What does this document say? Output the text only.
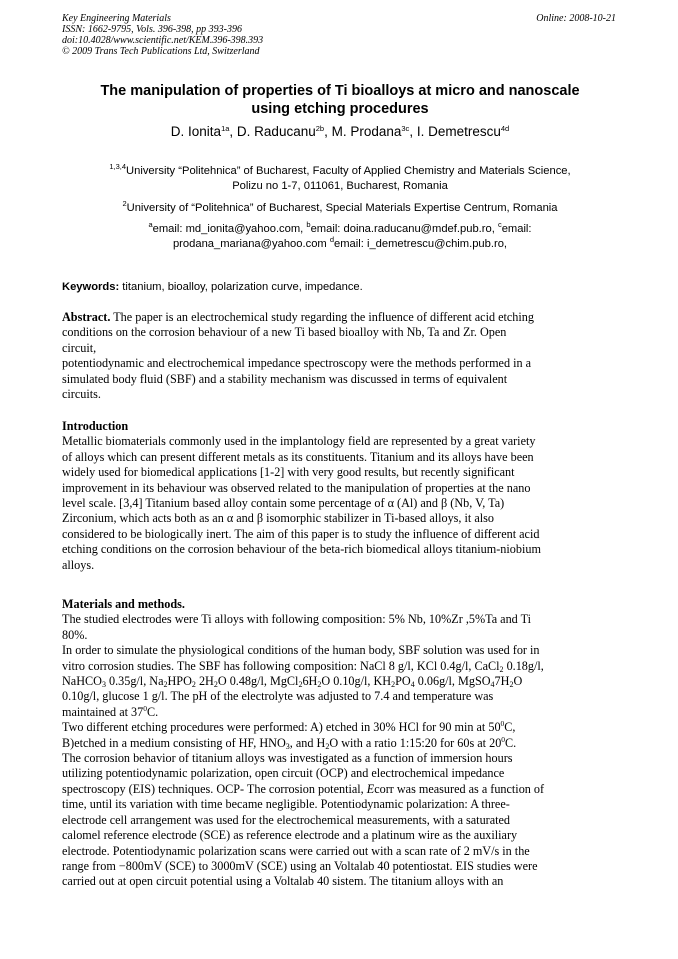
Key Engineering Materials
ISSN: 1662-9795, Vols. 396-398, pp 393-396
doi:10.4028/www.scientific.net/KEM.396-398.393
© 2009 Trans Tech Publications Ltd, Switzerland
Online: 2008-10-21
The manipulation of properties of Ti bioalloys at micro and nanoscale
using etching procedures
D. Ionita$^{1a}$, D. Raducanu$^{2b}$, M. Prodana$^{3c}$, I. Demetrescu$^{4d}$
$^{1,3,4}$University “Politehnica” of Bucharest, Faculty of Applied Chemistry and Materials Science,
Polizu no 1-7, 011061, Bucharest, Romania
$^2$University of “Politehnica” of Bucharest, Special Materials Expertise Centrum, Romania
$^a$email: md_ionita@yahoo.com, $^b$email: doina.raducanu@mdef.pub.ro, $^c$email:
prodana_mariana@yahoo.com $^d$email: i_demetrescu@chim.pub.ro,
Keywords: titanium, bioalloy, polarization curve, impedance.

Abstract. The paper is an electrochemical study regarding the influence of different acid etching

conditions on the corrosion behaviour of a new Ti based bioalloy with Nb, Ta and Zr. Open

circuit,

potentiodynamic and electrochemical impedance spectroscopy were the methods performed in a

simulated body fluid (SBF) and a stability mechanism was discussed in terms of equivalent

circuits.

Introduction

Metallic biomaterials commonly used in the implantology field are represented by a great variety

of alloys which can present different metals as its constituents. Titanium and its alloys have been

widely used for biomedical applications [1-2] with very good results, but recently significant

improvement in its behaviour was observed related to the manipulation of properties at the nano

level scale. [3,4] Titanium based alloy contain some percentage of α (Al) and β (Nb, V, Ta)

Zirconium, which acts both as an α and β isomorphic stabilizer in Ti-based alloys, it also

considered to be biologically inert. The aim of this paper is to study the influence of different acid

etching conditions on the corrosion behaviour of the beta-rich biomedical alloys titanium-niobium

alloys.

Materials and methods.

The studied electrodes were Ti alloys with following composition: 5% Nb, 10%Zr ,5%Ta and Ti

80%.

In order to simulate the physiological conditions of the human body, SBF solution was used for in

vitro corrosion studies. The SBF has following composition: NaCl 8 g/l, KCl 0.4g/l, CaCl$_2$ 0.18g/l,

NaHCO$_3$ 0.35g/l, $Na_2HPO_2$ $2H_2O$ 0.48g/l, $MgCl_26H_2O$ 0.10g/l, $KH_2PO_4$ 0.06g/l, $MgSO_47H_2O$

0.10g/l, glucose 1 g/l. The pH of the electrolyte was adjusted to 7.4 and temperature was

maintained at $37^0C$.

Two different etching procedures were performed: A) etched in 30% HCl for 90 min at $50^0C$,

B)etched in a medium consisting of HF, $HNO_3$, and $H_2O$ with a ratio 1:15:20 for 60s at $20^0C$.

The corrosion behavior of titanium alloys was investigated as a function of immersion hours

utilizing potentiodynamic polarization, open circuit (OCP) and electrochemical impedance

spectroscopy (EIS) techniques. OCP- The corrosion potential, Ecorr was measured as a function of

time, until its variation with time became negligible. Potentiodynamic polarization: A three-

electrode cell arrangement was used for the electrochemical measurements, with a saturated

calomel reference electrode (SCE) as reference electrode and a platinum wire as the auxiliary

electrode. Potentiodynamic polarization scans were carried out with a scan rate of 2 mV/s in the

range from −800mV (SCE) to 3000mV (SCE) using an Voltalab 40 potentiostat. EIS studies were

carried out at open circuit potential using a Voltalab 40 sistem. The titanium alloys with an
